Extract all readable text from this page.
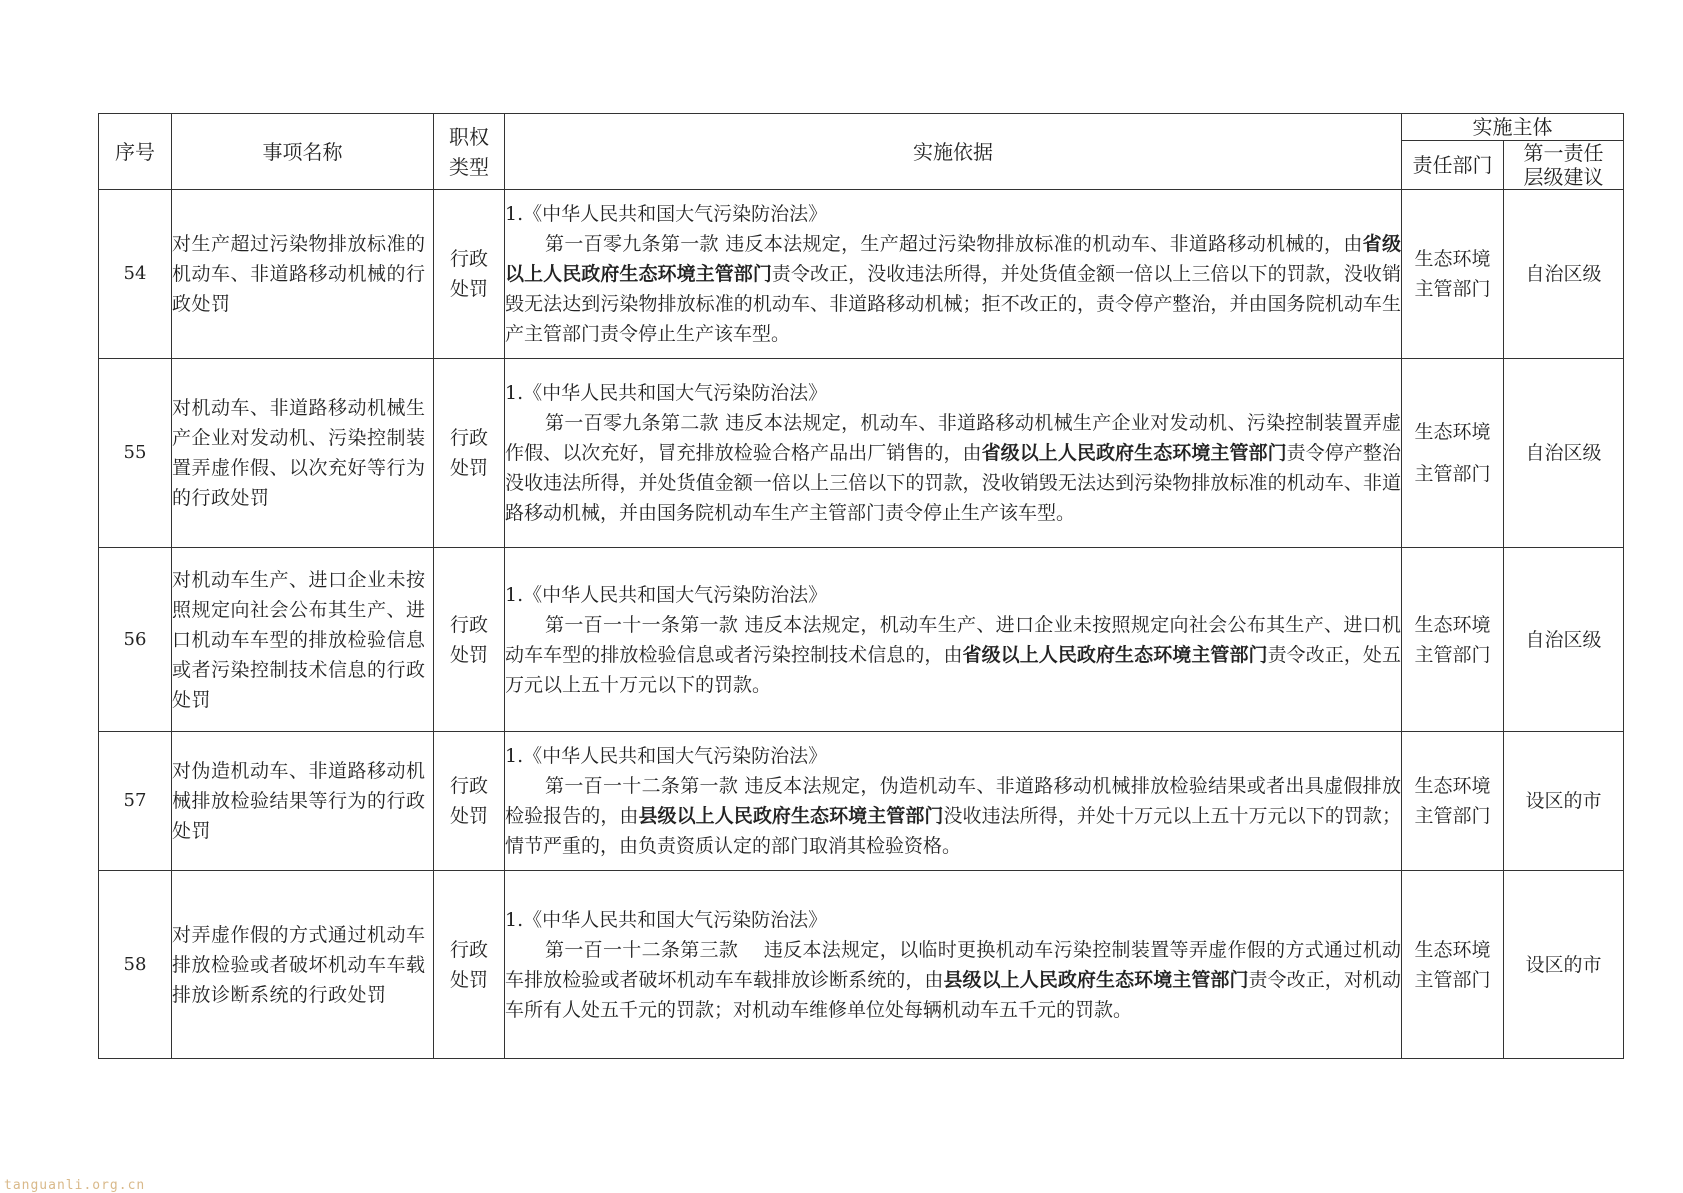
序号	事项名称	职权类型	实施依据	实施主体	
				责任部门	第一责任层级建议
54	对生产超过污染物排放标准的机动车、非道路移动机械的行政处罚	行政处罚	1.《中华人民共和国大气污染防治法》
第一百零九条第一款 违反本法规定，生产超过污染物排放标准的机动车、非道路移动机械的，由省级以上人民政府生态环境主管部门责令改正，没收违法所得，并处货值金额一倍以上三倍以下的罚款，没收销毁无法达到污染物排放标准的机动车、非道路移动机械；拒不改正的，责令停产整治，并由国务院机动车生产主管部门责令停止生产该车型。	生态环境主管部门	自治区级
55	对机动车、非道路移动机械生产企业对发动机、污染控制装置弄虚作假、以次充好等行为的行政处罚	行政处罚	1.《中华人民共和国大气污染防治法》
第一百零九条第二款 违反本法规定，机动车、非道路移动机械生产企业对发动机、污染控制装置弄虚作假、以次充好，冒充排放检验合格产品出厂销售的，由省级以上人民政府生态环境主管部门责令停产整治没收违法所得，并处货值金额一倍以上三倍以下的罚款，没收销毁无法达到污染物排放标准的机动车、非道路移动机械，并由国务院机动车生产主管部门责令停止生产该车型。	生态环境主管部门	自治区级
56	对机动车生产、进口企业未按照规定向社会公布其生产、进口机动车车型的排放检验信息或者污染控制技术信息的行政处罚	行政处罚	1.《中华人民共和国大气污染防治法》
第一百一十一条第一款 违反本法规定，机动车生产、进口企业未按照规定向社会公布其生产、进口机动车车型的排放检验信息或者污染控制技术信息的，由省级以上人民政府生态环境主管部门责令改正，处五万元以上五十万元以下的罚款。	生态环境主管部门	自治区级
57	对伪造机动车、非道路移动机械排放检验结果等行为的行政处罚	行政处罚	1.《中华人民共和国大气污染防治法》
第一百一十二条第一款 违反本法规定，伪造机动车、非道路移动机械排放检验结果或者出具虚假排放检验报告的，由县级以上人民政府生态环境主管部门没收违法所得，并处十万元以上五十万元以下的罚款； 情节严重的，由负责资质认定的部门取消其检验资格。	生态环境主管部门	设区的市
58	对弄虚作假的方式通过机动车排放检验或者破坏机动车车载排放诊断系统的行政处罚	行政处罚	1.《中华人民共和国大气污染防治法》
第一百一十二条第三款　 违反本法规定，以临时更换机动车污染控制装置等弄虚作假的方式通过机动车排放检验或者破坏机动车车载排放诊断系统的，由县级以上人民政府生态环境主管部门责令改正，对机动车所有人处五千元的罚款；对机动车维修单位处每辆机动车五千元的罚款。	生态环境主管部门	设区的市
tanguanli.org.cn
